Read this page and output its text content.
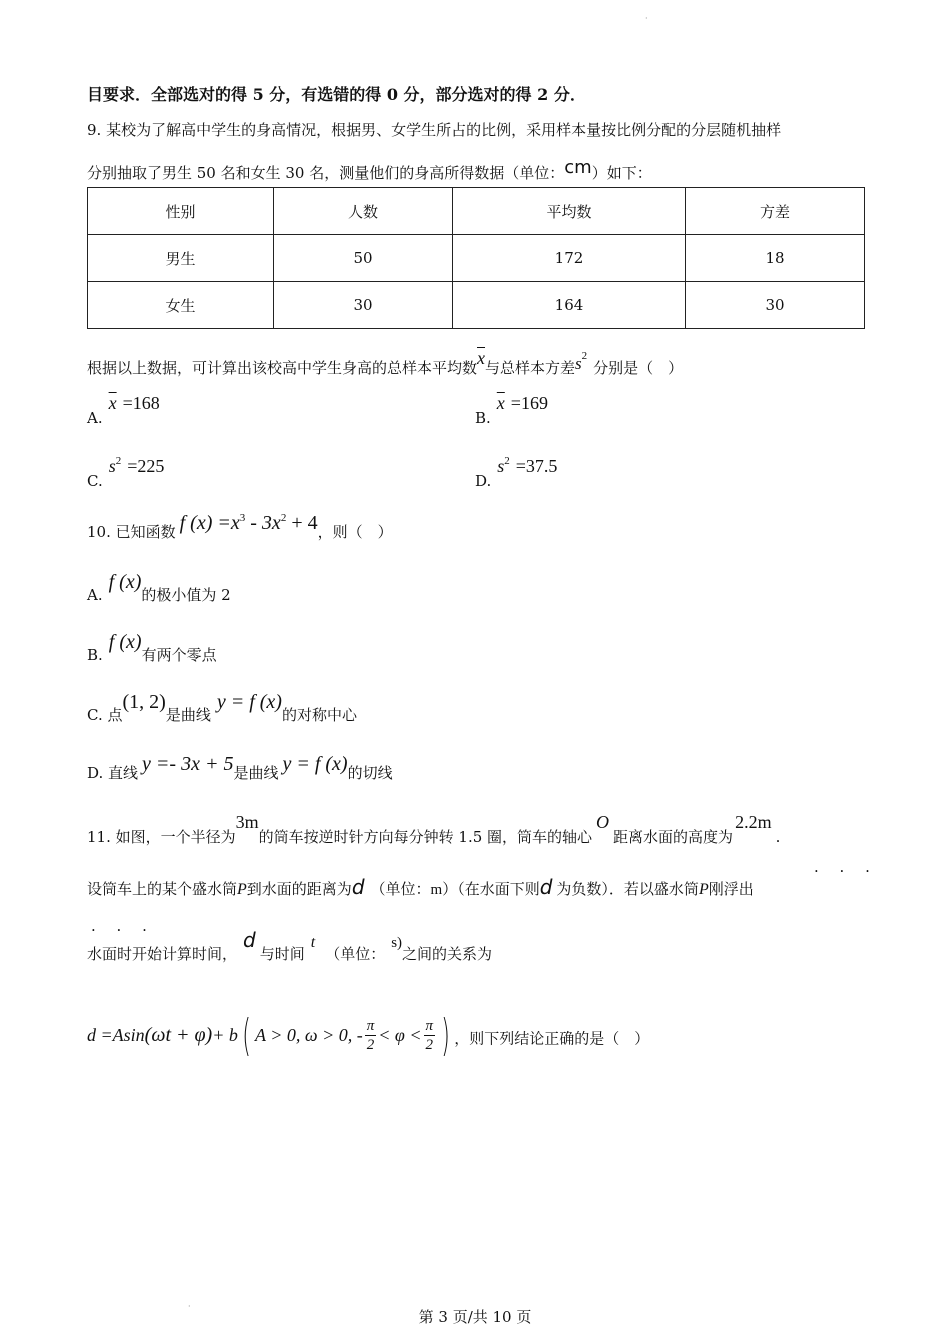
·
目要求．全部选对的得 5 分，有选错的得 0 分，部分选对的得 2 分．
9. 某校为了解高中学生的身高情况，根据男、女学生所占的比例，采用样本量按比例分配的分层随机抽样
分别抽取了男生 50 名和女生 30 名，测量他们的身高所得数据（单位：cm）如下：
性别	人数	平均数	方差
男生	50	172	18
女生	30	164	30
根据以上数据，可计算出该校高中学生身高的总样本平均数$\overline{x}$与总样本方差$s^2$分别是（　）
$A.\overline{x} =168$
$B.\overline{x} =169$
$C.s^2 =225$
$D.s^2 =37.5$
10. 已知函数 f $(x) =x^3 - 3x^2 + 4$，则（　）
A.f (x)的极小值为 2
B.f (x)有两个零点
C. 点(1, 2)是曲线y = f (x)的对称中心
D. 直线 y =- 3x + 5是曲线 y = f (x)的切线
11. 如图，一个半径为3m的筒车按逆时针方向每分钟转 1.5 圈，筒车的轴心O距离水面的高度为2.2m.
设筒车上的某个盛水筒P到水面的距离为d （单位：m）（在水面下则d 为负数）．若以盛水筒P刚浮出
· · ·
水面时开始计算时间，d与时间t（单位：s)之间的关系为
· · ·
d =Asin(ωt + φ)+ b( A > 0, ω > 0, - $\frac{\pi}{2} < \varphi < \frac{\pi}{2}$ ) ，则下列结论正确的是（　）
·
第 3 页/共 10 页
